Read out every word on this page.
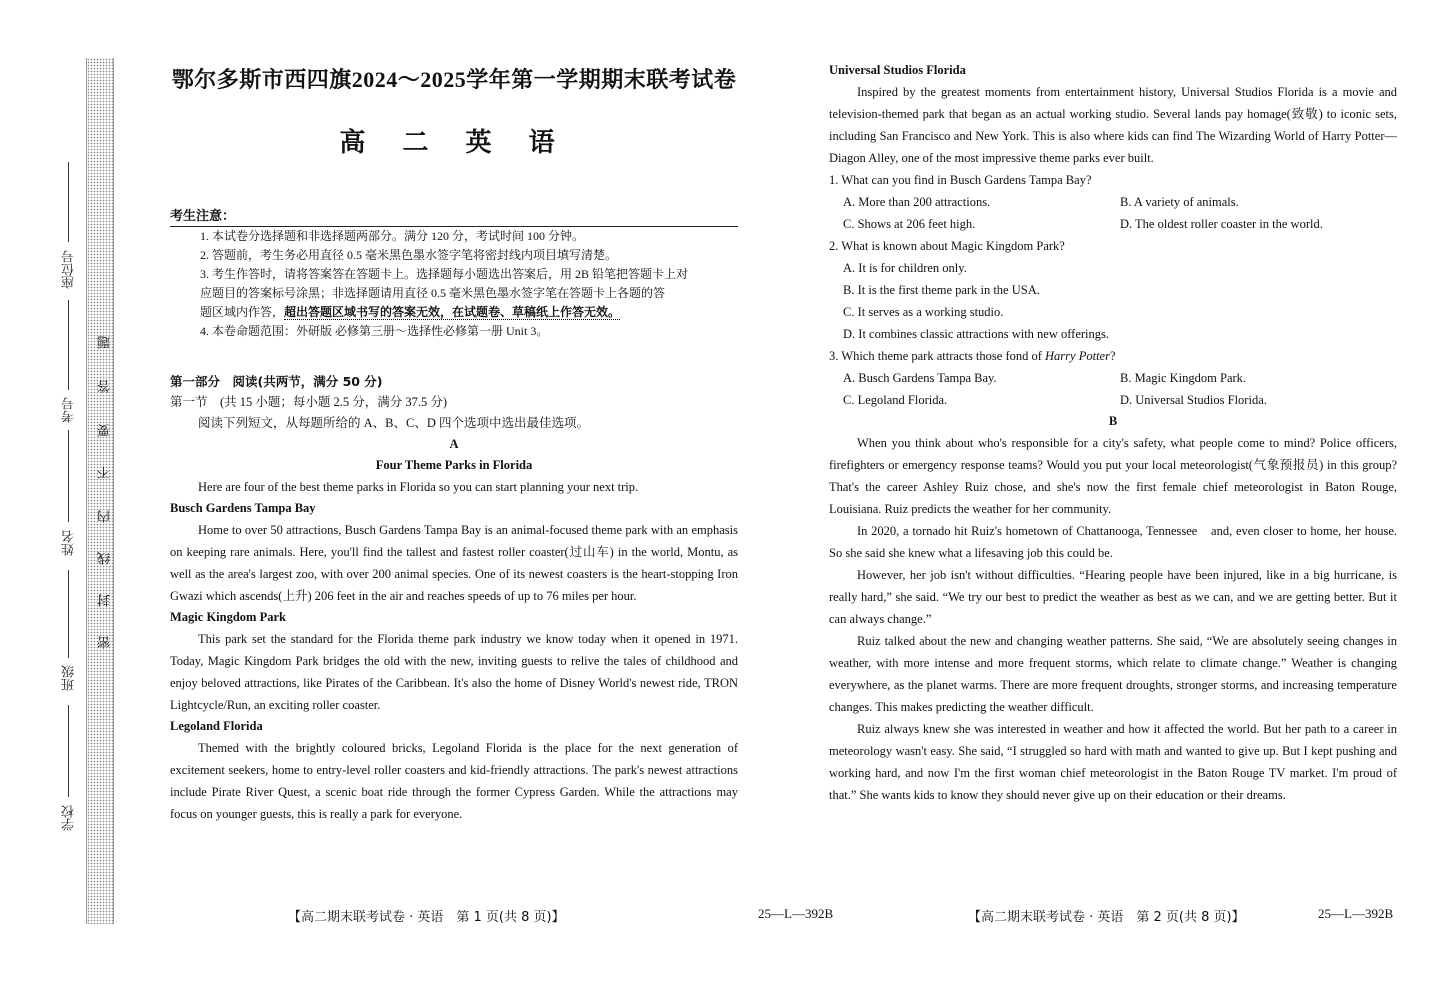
座位号
考号
姓名
班级
学校
题
答
要
不
内
线
封
密
鄂尔多斯市西四旗2024～2025学年第一学期期末联考试卷
高 二 英 语
考生注意：

1. 本试卷分选择题和非选择题两部分。满分 120 分，考试时间 100 分钟。

2. 答题前，考生务必用直径 0.5 毫米黑色墨水签字笔将密封线内项目填写清楚。

3. 考生作答时，请将答案答在答题卡上。选择题每小题选出答案后，用 2B 铅笔把答题卡上对

应题目的答案标号涂黑；非选择题请用直径 0.5 毫米黑色墨水签字笔在答题卡上各题的答

题区域内作答，超出答题区域书写的答案无效，在试题卷、草稿纸上作答无效。

4. 本卷命题范围：外研版 必修第三册～选择性必修第一册 Unit 3。

第一部分　阅读(共两节，满分 50 分)

第一节　(共 15 小题；每小题 2.5 分，满分 37.5 分)

阅读下列短文，从每题所给的 A、B、C、D 四个选项中选出最佳选项。

A

Four Theme Parks in Florida

Here are four of the best theme parks in Florida so you can start planning your next trip.

Busch Gardens Tampa Bay

Home to over 50 attractions, Busch Gardens Tampa Bay is an animal-focused theme park with an emphasis on keeping rare animals. Here, you'll find the tallest and fastest roller coaster(过山车) in the world, Montu, as well as the area's largest zoo, with over 200 animal species. One of its newest coasters is the heart-stopping Iron Gwazi which ascends(上升) 206 feet in the air and reaches speeds of up to 76 miles per hour.

Magic Kingdom Park

This park set the standard for the Florida theme park industry we know today when it opened in 1971. Today, Magic Kingdom Park bridges the old with the new, inviting guests to relive the tales of childhood and enjoy beloved attractions, like Pirates of the Caribbean. It's also the home of Disney World's newest ride, TRON Lightcycle/Run, an exciting roller coaster.

Legoland Florida

Themed with the brightly coloured bricks, Legoland Florida is the place for the next generation of excitement seekers, home to entry-level roller coasters and kid-friendly attractions. The park's newest attractions include Pirate River Quest, a scenic boat ride through the former Cypress Garden. While the attractions may focus on younger guests, this is really a park for everyone.

【高二期末联考试卷 · 英语　第 1 页(共 8 页)】	25—L—392B

Universal Studios Florida

Inspired by the greatest moments from entertainment history, Universal Studios Florida is a movie and television-themed park that began as an actual working studio. Several lands pay homage(致敬) to iconic sets, including San Francisco and New York. This is also where kids can find The Wizarding World of Harry Potter—Diagon Alley, one of the most impressive theme parks ever built.

1. What can you find in Busch Gardens Tampa Bay?
A. More than 200 attractions.	B. A variety of animals.
C. Shows at 206 feet high.	D. The oldest roller coaster in the world.
2. What is known about Magic Kingdom Park?
A. It is for children only.
B. It is the first theme park in the USA.
C. It serves as a working studio.
D. It combines classic attractions with new offerings.
3. Which theme park attracts those fond of Harry Potter?
A. Busch Gardens Tampa Bay.	B. Magic Kingdom Park.
C. Legoland Florida.	D. Universal Studios Florida.

B

When you think about who's responsible for a city's safety, what people come to mind? Police officers, firefighters or emergency response teams? Would you put your local meteorologist(气象预报员) in this group? That's the career Ashley Ruiz chose, and she's now the first female chief meteorologist in Baton Rouge, Louisiana. Ruiz predicts the weather for her community.

In 2020, a tornado hit Ruiz's hometown of Chattanooga, Tennessee　and, even closer to home, her house. So she said she knew what a lifesaving job this could be.

However, her job isn't without difficulties. “Hearing people have been injured, like in a big hurricane, is really hard,” she said. “We try our best to predict the weather as best as we can, and we are getting better. But it can always change.”

Ruiz talked about the new and changing weather patterns. She said, “We are absolutely seeing changes in weather, with more intense and more frequent storms, which relate to climate change.” Weather is changing everywhere, as the planet warms. There are more frequent droughts, stronger storms, and increasing temperature changes. This makes predicting the weather difficult.

Ruiz always knew she was interested in weather and how it affected the world. But her path to a career in meteorology wasn't easy. She said, “I struggled so hard with math and wanted to give up. But I kept pushing and working hard, and now I'm the first woman chief meteorologist in the Baton Rouge TV market. I'm proud of that.” She wants kids to know they should never give up on their education or their dreams.

【高二期末联考试卷 · 英语　第 2 页(共 8 页)】	25—L—392B
